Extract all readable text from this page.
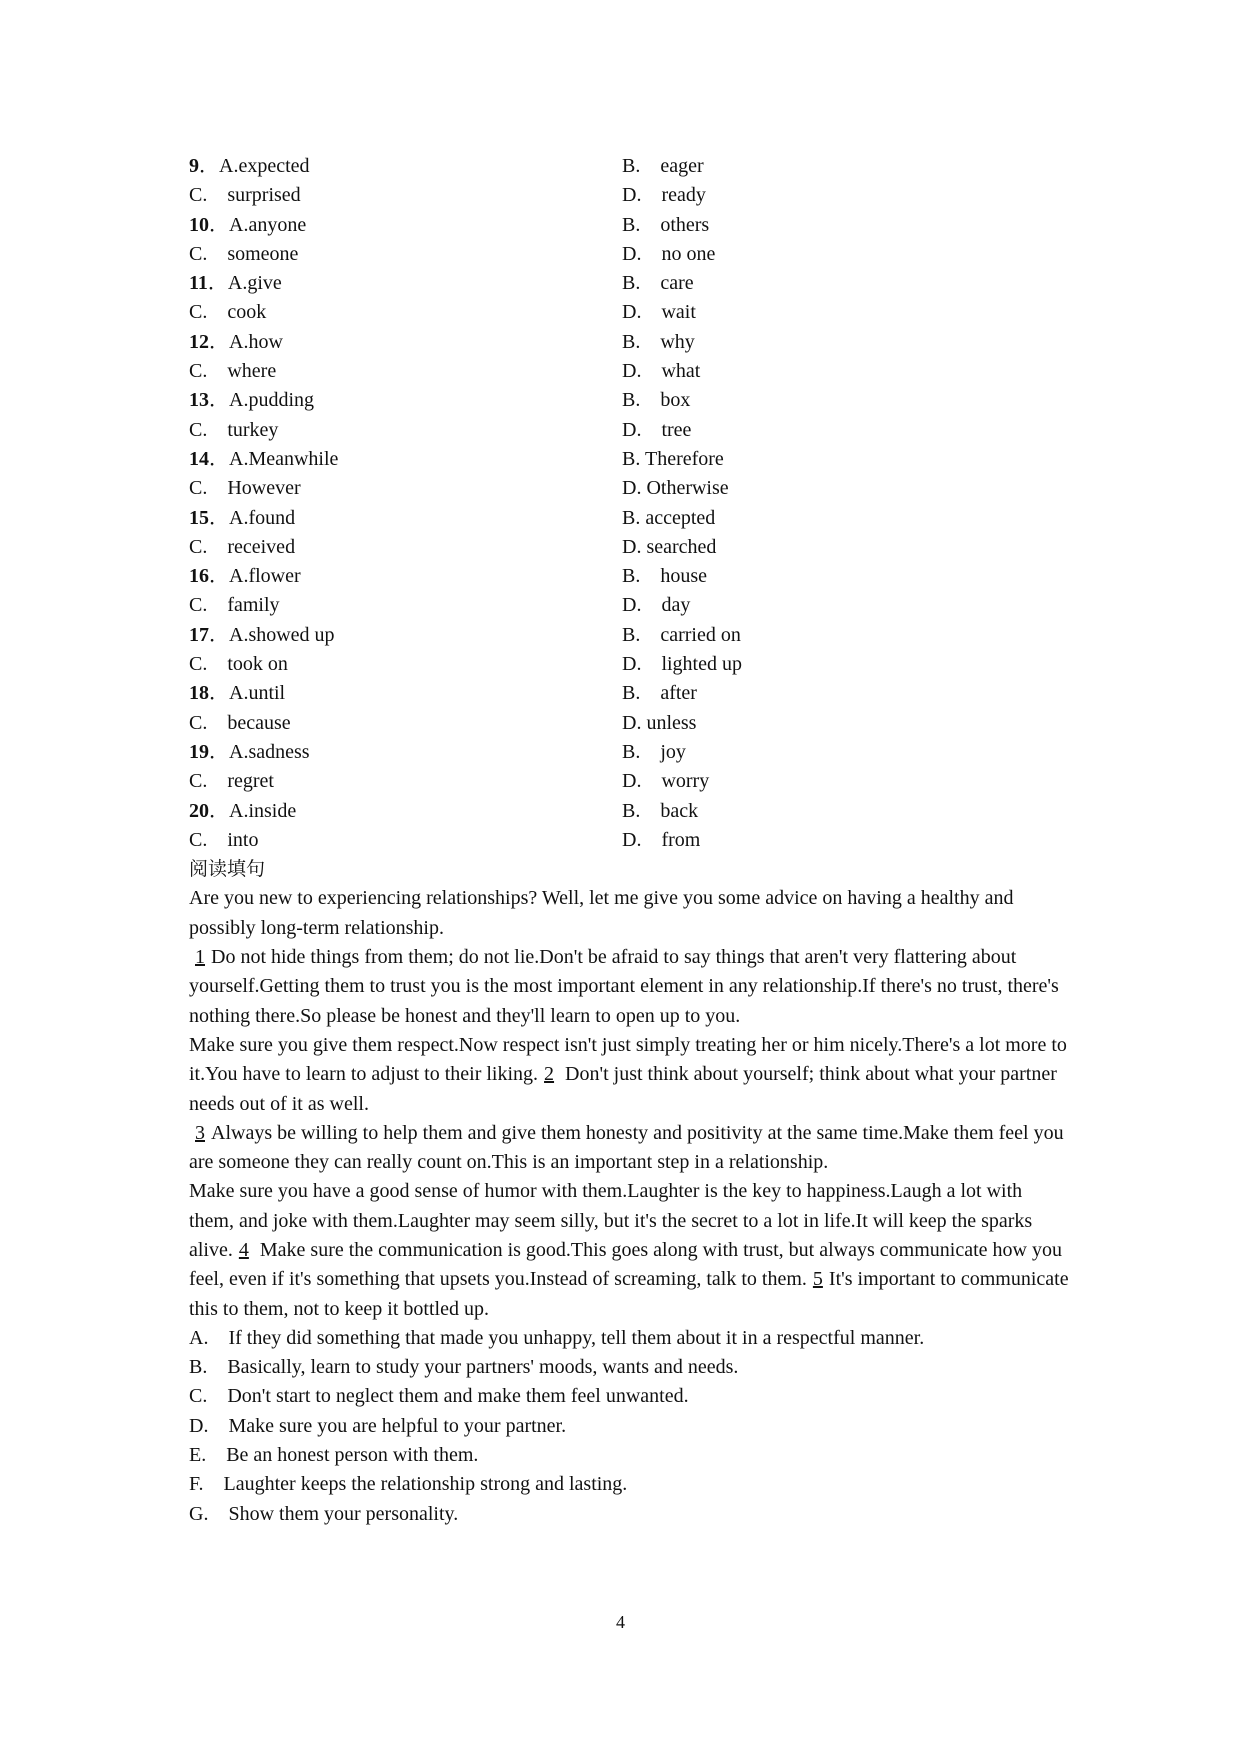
9．A.expected	B.　eager
C.　surprised	D.　ready
10．A.anyone	B.　others
C.　someone	D.　no one
11．A.give	B.　care
C.　cook	D.　wait
12．A.how	B.　why
C.　where	D.　what
13．A.pudding	B.　box
C.　turkey	D.　tree
14．A.Meanwhile	B. Therefore
C.　However	D. Otherwise
15．A.found	B. accepted
C.　received	D. searched
16．A.flower	B.　house
C.　family	D.　day
17．A.showed up	B.　carried on
C.　took on	D.　lighted up
18．A.until	B.　after
C.　because	D. unless
19．A.sadness	B.　joy
C.　regret	D.　worry
20．A.inside	B.　back
C.　into	D.　from
阅读填句

Are you new to experiencing relationships? Well, let me give you some advice on having a healthy and possibly long-term relationship.

1 Do not hide things from them; do not lie.Don't be afraid to say things that aren't very flattering about yourself.Getting them to trust you is the most important element in any relationship.If there's no trust, there's nothing there.So please be honest and they'll learn to open up to you.

Make sure you give them respect.Now respect isn't just simply treating her or him nicely.There's a lot more to it.You have to learn to adjust to their liking. 2 Don't just think about yourself; think about what your partner needs out of it as well.

3 Always be willing to help them and give them honesty and positivity at the same time.Make them feel you are someone they can really count on.This is an important step in a relationship.

Make sure you have a good sense of humor with them.Laughter is the key to happiness.Laugh a lot with them, and joke with them.Laughter may seem silly, but it's the secret to a lot in life.It will keep the sparks alive. 4 Make sure the communication is good.This goes along with trust, but always communicate how you feel, even if it's something that upsets you.Instead of screaming, talk to them. 5 It's important to communicate this to them, not to keep it bottled up.

A.　If they did something that made you unhappy, tell them about it in a respectful manner.
B.　Basically, learn to study your partners' moods, wants and needs.
C.　Don't start to neglect them and make them feel unwanted.
D.　Make sure you are helpful to your partner.
E.　Be an honest person with them.
F.　Laughter keeps the relationship strong and lasting.
G.　Show them your personality.
4
